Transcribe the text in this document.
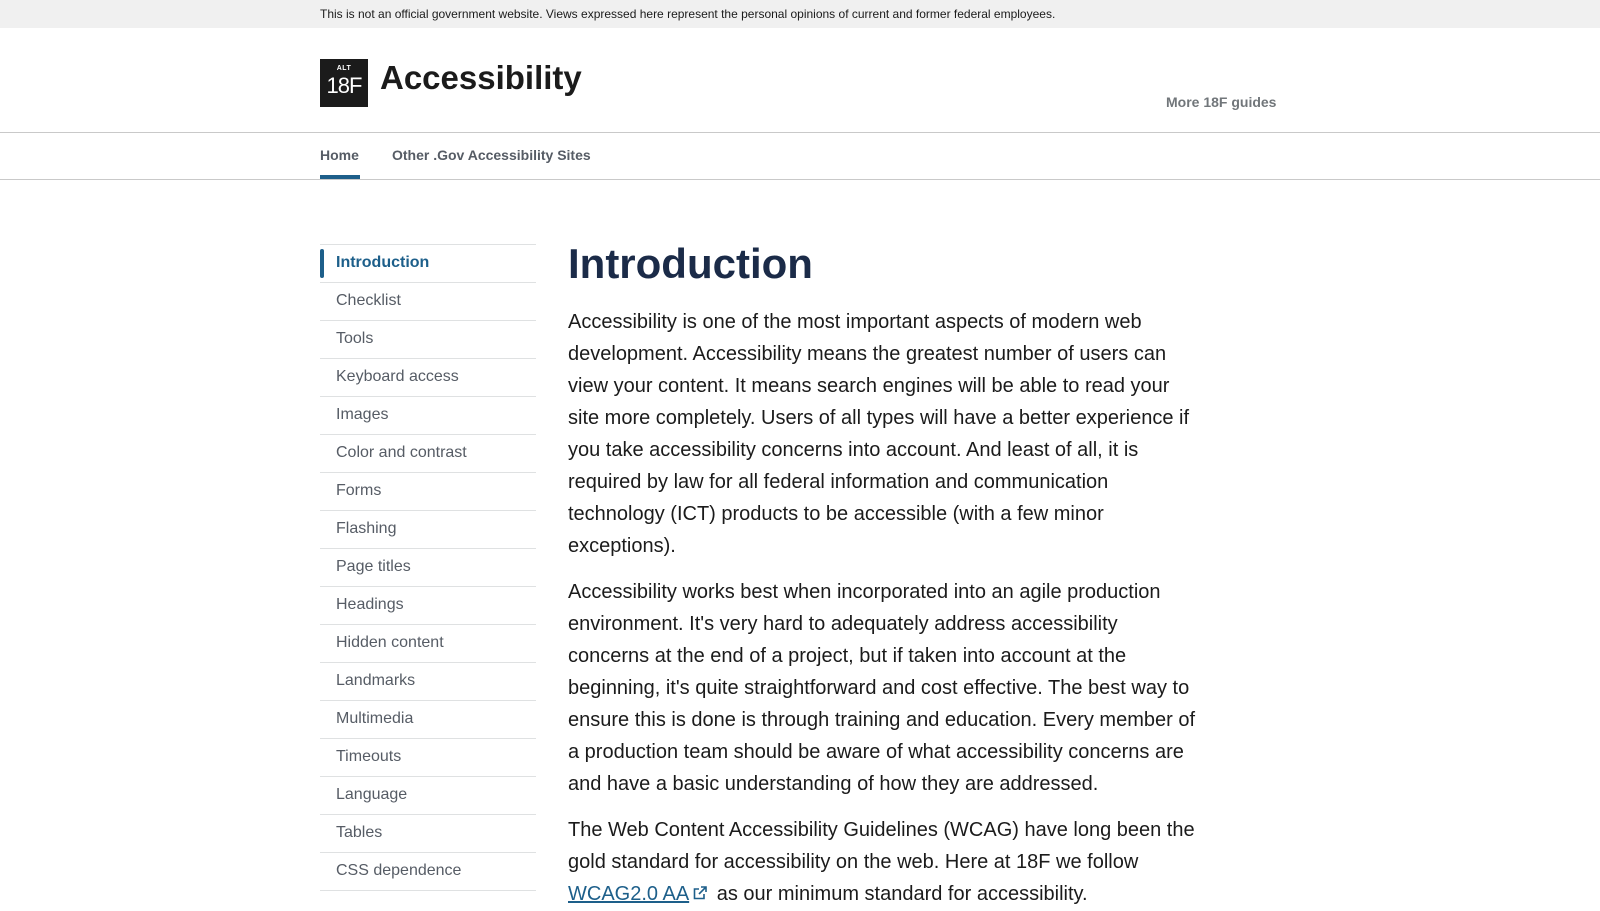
This is not an official government website. Views expressed here represent the personal opinions of current and former federal employees.
ALT
18F Accessibility
More 18F guides
Home Other .Gov Accessibility Sites
Introduction
Checklist
Tools
Keyboard access
Images
Color and contrast
Forms
Flashing
Page titles
Headings
Hidden content
Landmarks
Multimedia
Timeouts
Language
Tables
CSS dependence
Introduction

Accessibility is one of the most important aspects of modern web development. Accessibility means the greatest number of users can view your content. It means search engines will be able to read your site more completely. Users of all types will have a better experience if you take accessibility concerns into account. And least of all, it is required by law for all federal information and communication technology (ICT) products to be accessible (with a few minor exceptions).

Accessibility works best when incorporated into an agile production environment. It's very hard to adequately address accessibility concerns at the end of a project, but if taken into account at the beginning, it's quite straightforward and cost effective. The best way to ensure this is done is through training and education. Every member of a production team should be aware of what accessibility concerns are and have a basic understanding of how they are addressed.

The Web Content Accessibility Guidelines (WCAG) have long been the gold standard for accessibility on the web. Here at 18F we follow WCAG2.0 AA as our minimum standard for accessibility.
